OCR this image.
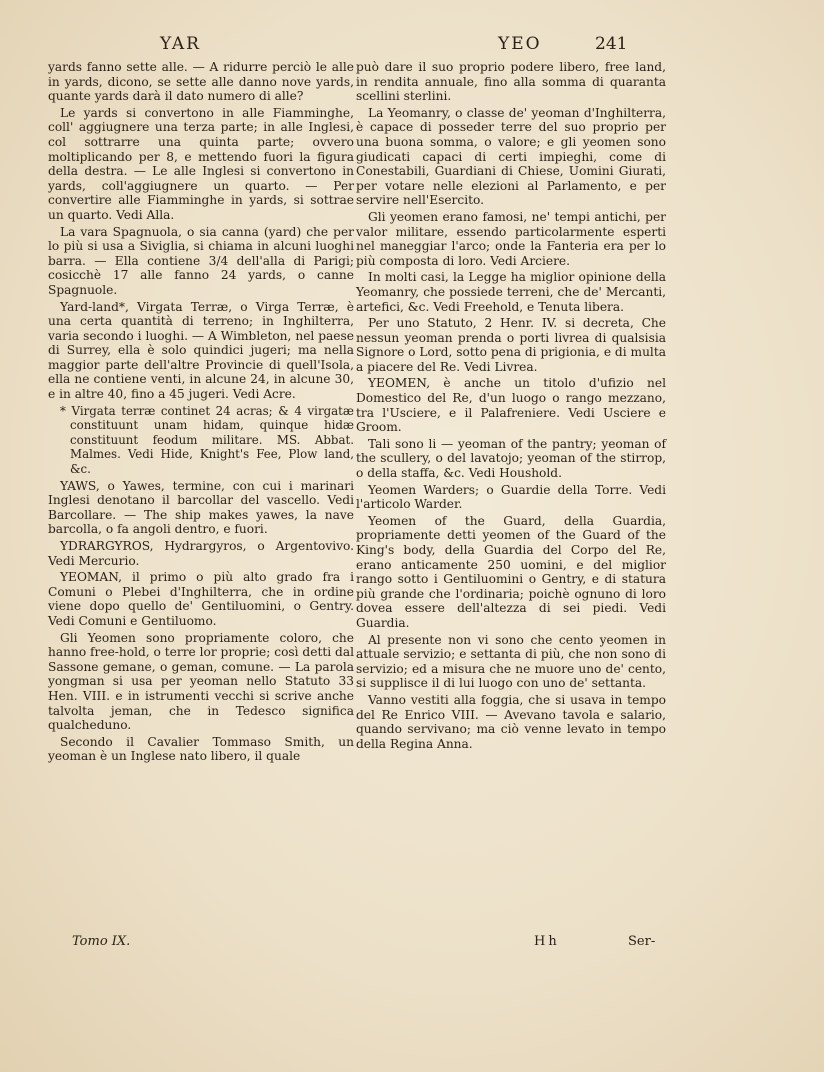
YAR	YEO	241

yards fanno sette alle. — A ridurre perciò le alle in yards, dicono, se sette alle danno nove yards, quante yards darà il dato numero di alle?

Le yards si convertono in alle Fiamminghe, coll' aggiugnere una terza parte; in alle Inglesi, col sottrarre una quinta parte; ovvero moltiplicando per 8, e mettendo fuori la figura della destra. — Le alle Inglesi si convertono in yards, coll'aggiugnere un quarto. — Per convertire alle Fiamminghe in yards, si sottrae un quarto. Vedi Alla.

La vara Spagnuola, o sia canna (yard) che per lo più si usa a Siviglia, si chiama in alcuni luoghi barra. — Ella contiene 3/4 dell'alla di Parigi; cosicchè 17 alle fanno 24 yards, o canne Spagnuole.

Yard-land*, Virgata Terræ, o Virga Terræ, è una certa quantità di terreno; in Inghilterra, varia secondo i luoghi. — A Wimbleton, nel paese di Surrey, ella è solo quindici jugeri; ma nella maggior parte dell'altre Provincie di quell'Isola, ella ne contiene venti, in alcune 24, in alcune 30, e in altre 40, fino a 45 jugeri. Vedi Acre.

* Virgata terræ continet 24 acras; & 4 virgatæ constituunt unam hidam, quinque hidæ constituunt feodum militare. MS. Abbat. Malmes. Vedi Hide, Knight's Fee, Plow land, &c.

YAWS, o Yawes, termine, con cui i marinari Inglesi denotano il barcollar del vascello. Vedi Barcollare. — The ship makes yawes, la nave barcolla, o fa angoli dentro, e fuori.

YDRARGYROS, Hydrargyros, o Argentovivo. Vedi Mercurio.

YEOMAN, il primo o più alto grado fra i Comuni o Plebei d'Inghilterra, che in ordine viene dopo quello de' Gentiluomini, o Gentry. Vedi Comuni e Gentiluomo.

Gli Yeomen sono propriamente coloro, che hanno free-hold, o terre lor proprie; così detti dal Sassone gemane, o geman, comune. — La parola yongman si usa per yeoman nello Statuto 33 Hen. VIII. e in istrumenti vecchi si scrive anche talvolta jeman, che in Tedesco significa qualcheduno.

Secondo il Cavalier Tommaso Smith, un yeoman è un Inglese nato libero, il quale

può dare il suo proprio podere libero, free land, in rendita annuale, fino alla somma di quaranta scellini sterlini.

La Yeomanry, o classe de' yeoman d'Inghilterra, è capace di posseder terre del suo proprio per una buona somma, o valore; e gli yeomen sono giudicati capaci di certi impieghi, come di Conestabili, Guardiani di Chiese, Uomini Giurati, per votare nelle elezioni al Parlamento, e per servire nell'Esercito.

Gli yeomen erano famosi, ne' tempi antichi, per valor militare, essendo particolarmente esperti nel maneggiar l'arco; onde la Fanteria era per lo più composta di loro. Vedi Arciere.

In molti casi, la Legge ha miglior opinione della Yeomanry, che possiede terreni, che de' Mercanti, artefici, &c. Vedi Freehold, e Tenuta libera.

Per uno Statuto, 2 Henr. IV. si decreta, Che nessun yeoman prenda o porti livrea di qualsisia Signore o Lord, sotto pena di prigionia, e di multa a piacere del Re. Vedi Livrea.

YEOMEN, è anche un titolo d'ufizio nel Domestico del Re, d'un luogo o rango mezzano, tra l'Usciere, e il Palafreniere. Vedi Usciere e Groom.

Tali sono li — yeoman of the pantry; yeoman of the scullery, o del lavatojo; yeoman of the stirrop, o della staffa, &c. Vedi Houshold.

Yeomen Warders; o Guardie della Torre. Vedi l'articolo Warder.

Yeomen of the Guard, della Guardia, propriamente detti yeomen of the Guard of the King's body, della Guardia del Corpo del Re, erano anticamente 250 uomini, e del miglior rango sotto i Gentiluomini o Gentry, e di statura più grande che l'ordinaria; poichè ognuno di loro dovea essere dell'altezza di sei piedi. Vedi Guardia.

Al presente non vi sono che cento yeomen in attuale servizio; e settanta di più, che non sono di servizio; ed a misura che ne muore uno de' cento, si supplisce il di lui luogo con uno de' settanta.

Vanno vestiti alla foggia, che si usava in tempo del Re Enrico VIII. — Avevano tavola e salario, quando servivano; ma ciò venne levato in tempo della Regina Anna.

Tomo IX.	Hh	Ser-
